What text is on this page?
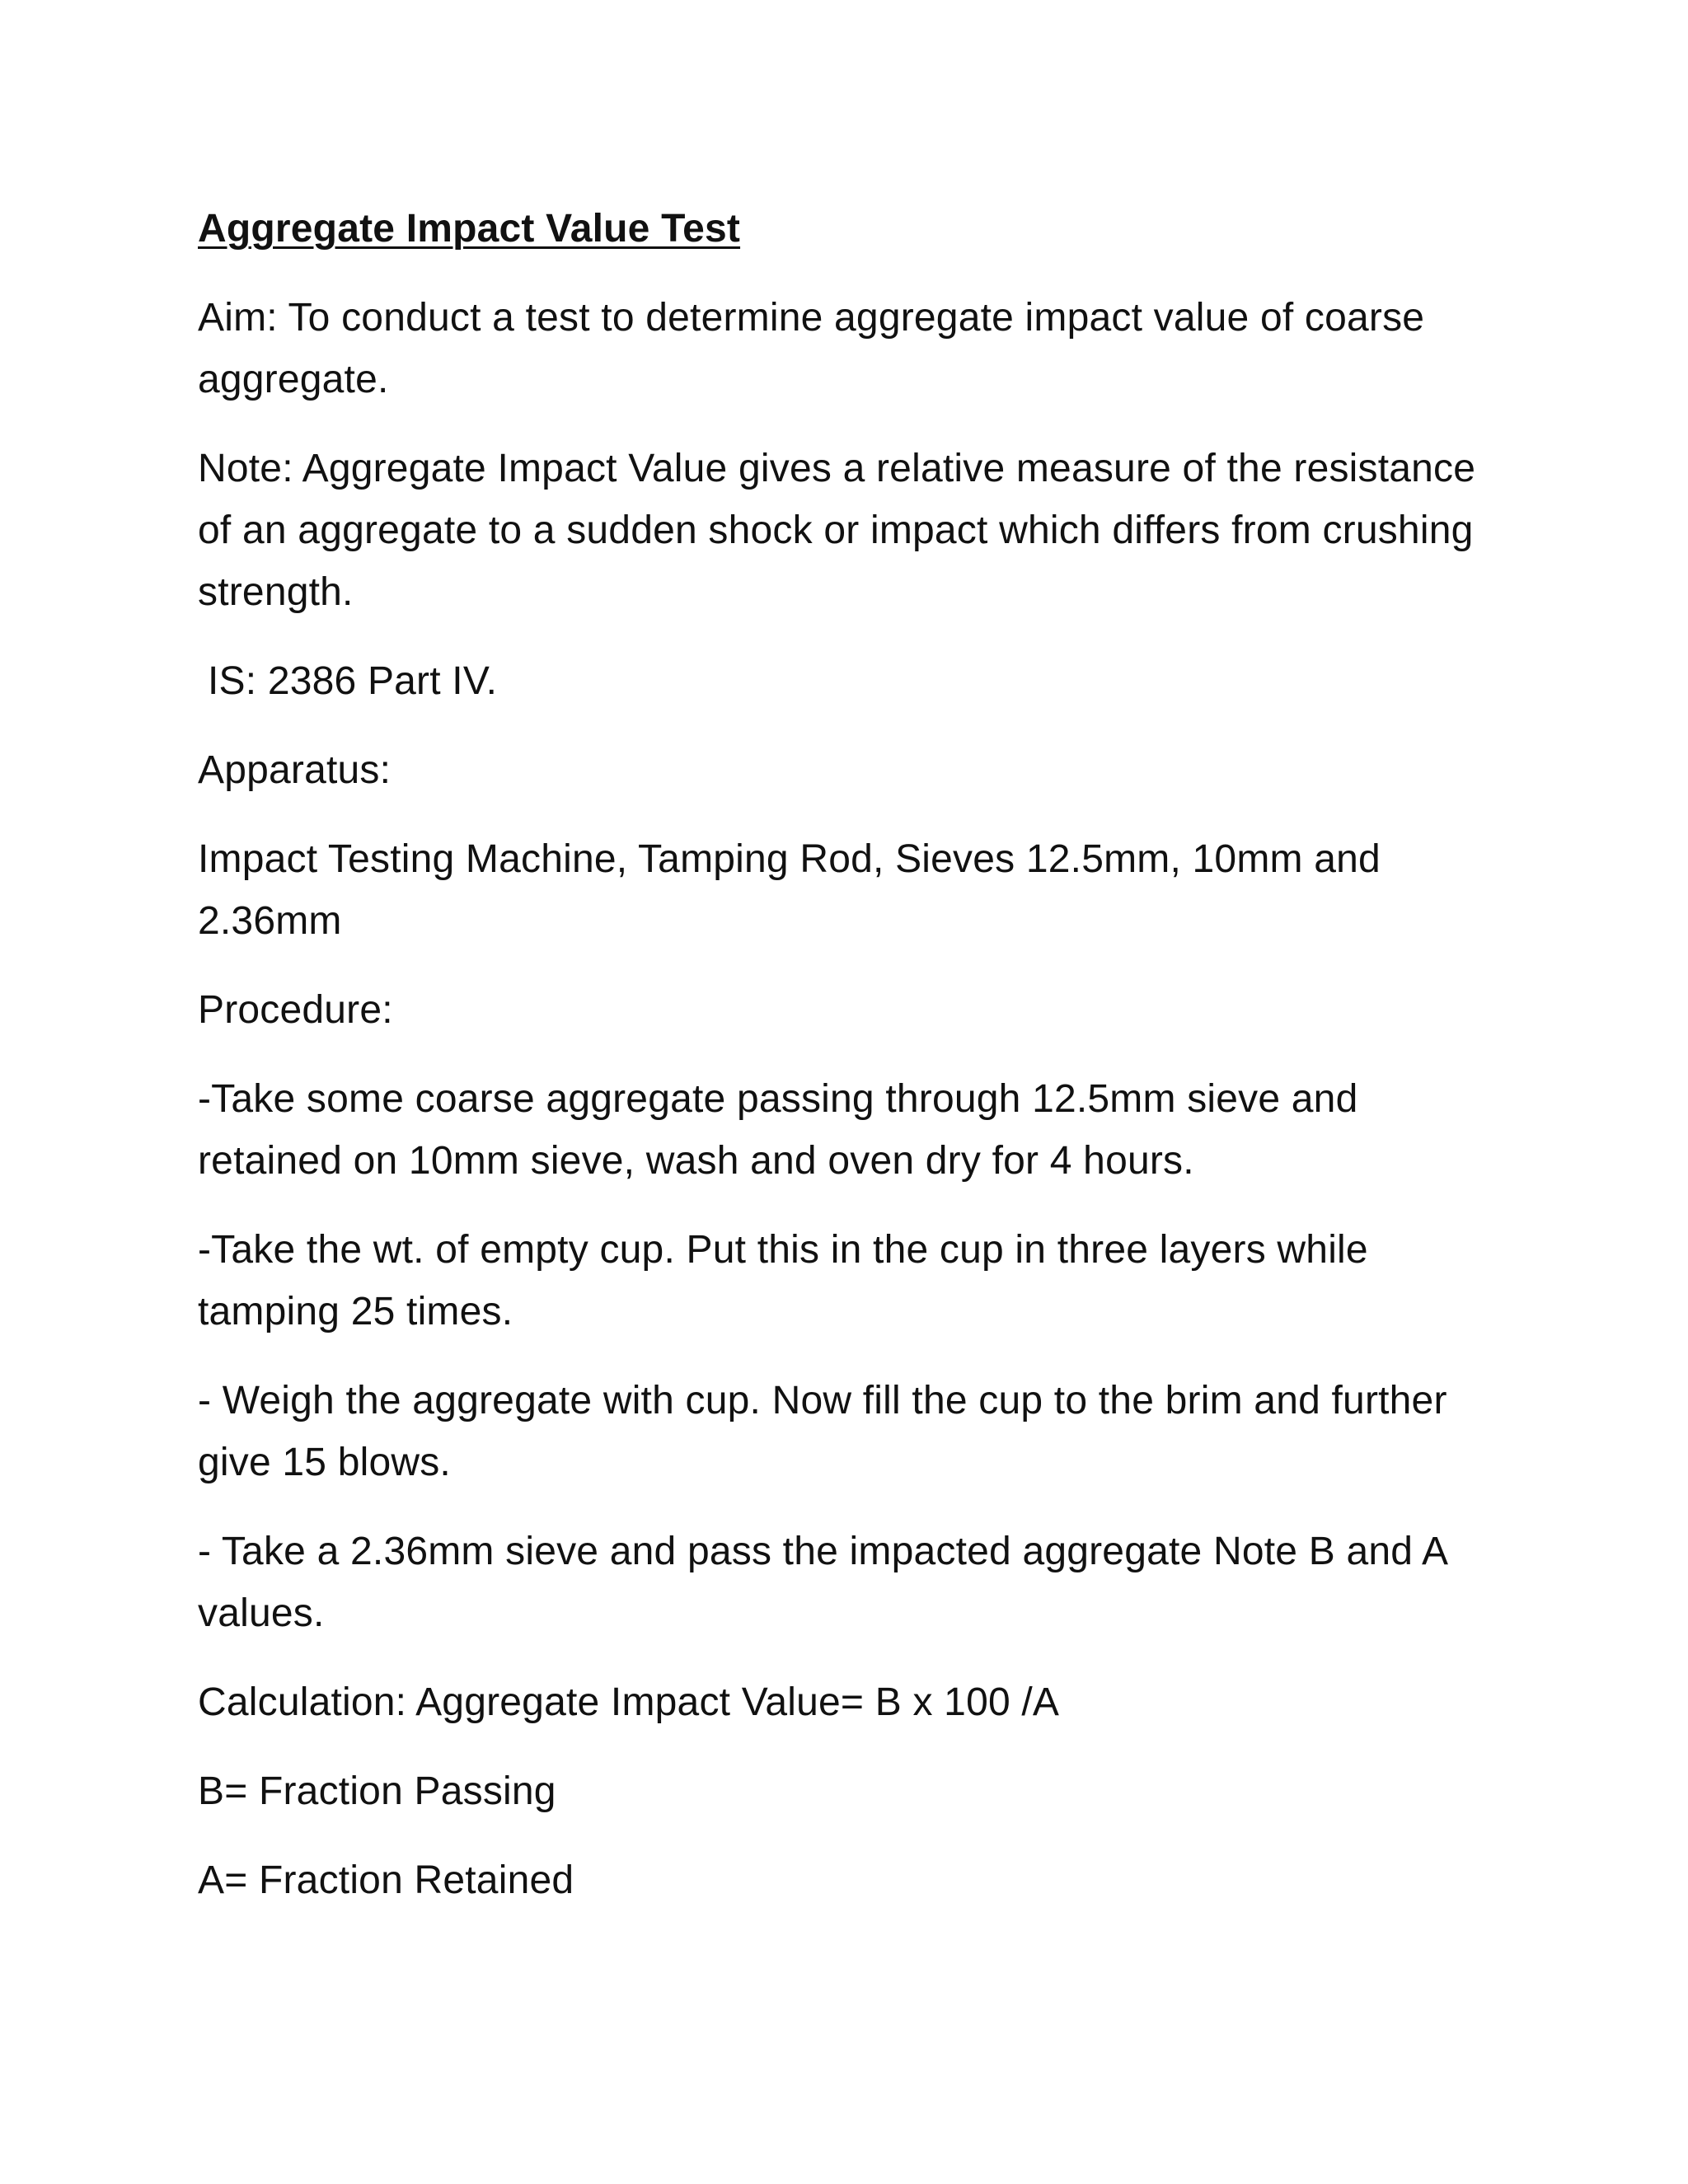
Aggregate Impact Value Test

Aim: To conduct a test to determine aggregate impact value of coarse aggregate.

Note: Aggregate Impact Value gives a relative measure of the resistance of an aggregate to a sudden shock or impact which differs from crushing strength.

IS: 2386 Part IV.

Apparatus:

Impact Testing Machine, Tamping Rod, Sieves 12.5mm, 10mm and 2.36mm

Procedure:

-Take some coarse aggregate passing through 12.5mm sieve and retained on 10mm sieve, wash and oven dry for 4 hours.

-Take the wt. of empty cup. Put this in the cup in three layers while tamping 25 times.

- Weigh the aggregate with cup. Now fill the cup to the brim and further give 15 blows.

- Take a 2.36mm sieve and pass the impacted aggregate Note B and A values.

Calculation: Aggregate Impact Value= B x 100 /A

B= Fraction Passing

A= Fraction Retained
